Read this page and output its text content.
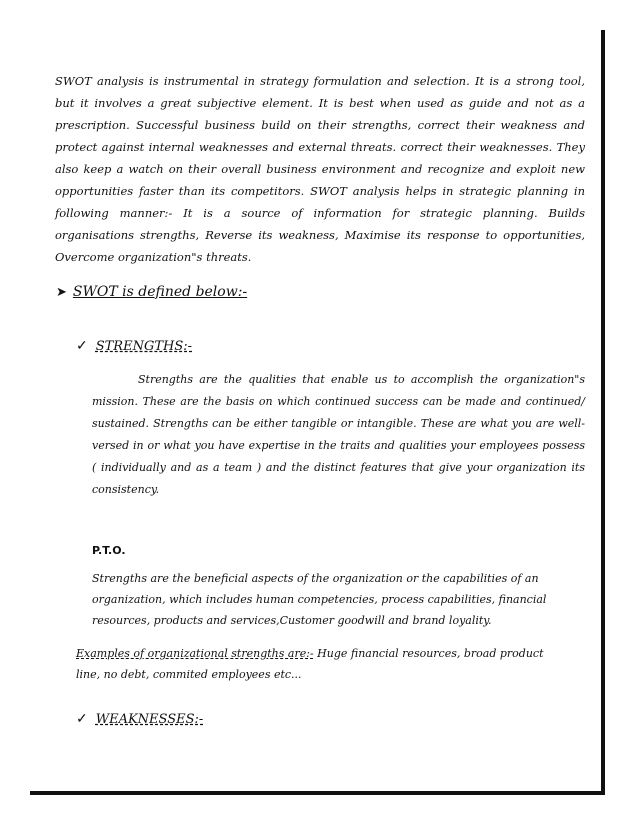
SWOT analysis is instrumental in strategy formulation and selection. It is a strong tool, but it involves a great subjective element. It is best when used as guide and not as a prescription. Successful business build on their strengths, correct their weakness and protect against internal weaknesses and external threats. correct their weaknesses. They also keep a watch on their overall business environment and recognize and exploit new opportunities faster than its competitors. SWOT analysis helps in strategic planning in following manner:- It is a source of information for strategic planning. Builds organisations strengths, Reverse its weakness, Maximise its response to opportunities, Overcome organization"s threats.

➤ SWOT is defined below:-
✓ STRENGTHS:-

Strengths are the qualities that enable us to accomplish the organization"s mission. These are the basis on which continued success can be made and continued/ sustained. Strengths can be either tangible or intangible. These are what you are well-versed in or what you have expertise in the traits and qualities your employees possess ( individually and as a team ) and the distinct features that give your organization its consistency.

P.T.O.

Strengths are the beneficial aspects of the organization or the capabilities of an organization, which includes human competencies, process capabilities, financial resources, products and services,Customer goodwill and brand loyality.

Examples of organizational strengths are:- Huge financial resources, broad product line, no debt, commited employees etc...

✓ WEAKNESSES:-
